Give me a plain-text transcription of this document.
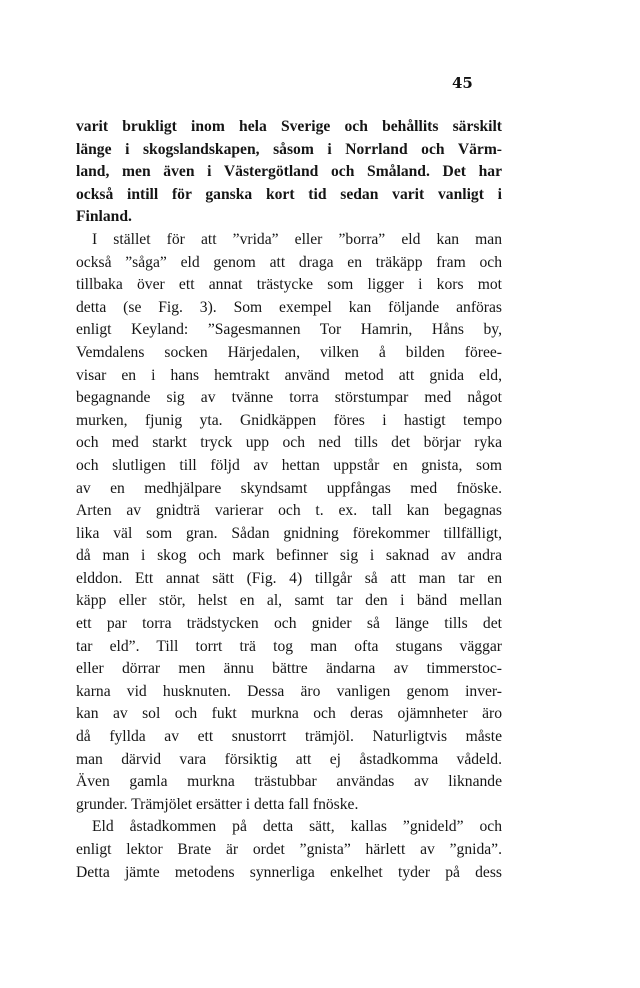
45
varit brukligt inom hela Sverige och behållits särskilt
länge i skogslandskapen, såsom i Norrland och Värm-
land, men även i Västergötland och Småland. Det har
också intill för ganska kort tid sedan varit vanligt i
Finland.
I stället för att ”vrida” eller ”borra” eld kan man
också ”såga” eld genom att draga en träkäpp fram och
tillbaka över ett annat trästycke som ligger i kors mot
detta (se Fig. 3). Som exempel kan följande anföras
enligt Keyland: ”Sagesmannen Tor Hamrin, Håns by,
Vemdalens socken Härjedalen, vilken å bilden föreе-
visar en i hans hemtrakt använd metod att gnida eld,
begagnande sig av tvänne torra störstumpar med något
murken, fjunig yta. Gnidkäppen föres i hastigt tempo
och med starkt tryck upp och ned tills det börjar ryka
och slutligen till följd av hettan uppstår en gnista, som
av en medhjälpare skyndsamt uppfångas med fnöske.
Arten av gnidträ varierar och t. ex. tall kan begagnas
lika väl som gran. Sådan gnidning förekommer tillfälligt,
då man i skog och mark befinner sig i saknad av andra
elddon. Ett annat sätt (Fig. 4) tillgår så att man tar en
käpp eller stör, helst en al, samt tar den i bänd mellan
ett par torra trädstycken och gnider så länge tills det
tar eld”. Till torrt trä tog man ofta stugans väggar
eller dörrar men ännu bättre ändarna av timmerstoc-
karna vid husknuten. Dessa äro vanligen genom inver-
kan av sol och fukt murkna och deras ojämnheter äro
då fyllda av ett snustorrt trämjöl. Naturligtvis måste
man därvid vara försiktig att ej åstadkomma vådeld.
Även gamla murkna trästubbar användas av liknande
grunder. Trämjölet ersätter i detta fall fnöske.
Eld åstadkommen på detta sätt, kallas ”gnideld” och
enligt lektor Brate är ordet ”gnista” härlett av ”gnida”.
Detta jämte metodens synnerliga enkelhet tyder på dess
